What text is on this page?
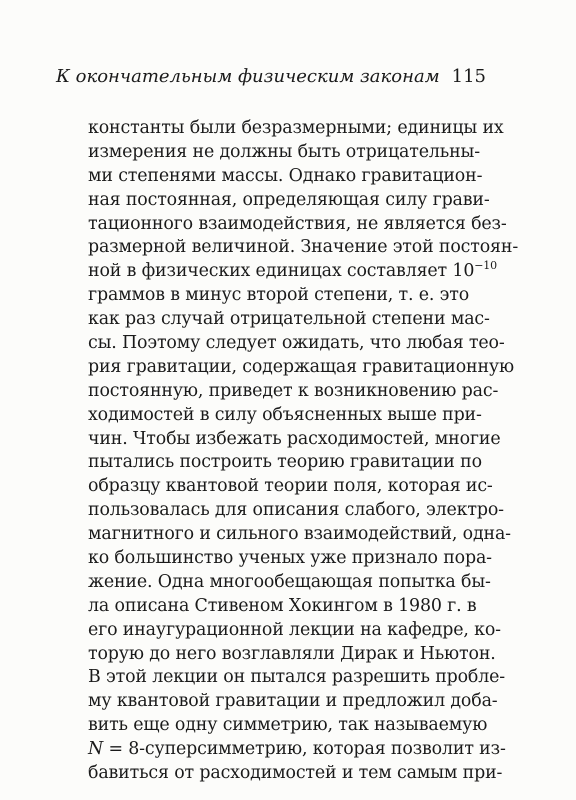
К окончательным физическим законам 115
константы были безразмерными; единицы их
измерения не должны быть отрицательны-
ми степенями массы. Однако гравитацион-
ная постоянная, определяющая силу грави-
тационного взаимодействия, не является без-
размерной величиной. Значение этой постоян-
ной в физических единицах составляет $10^{-10}$
граммов в минус второй степени, т. е. это
как раз случай отрицательной степени мас-
сы. Поэтому следует ожидать, что любая тео-
рия гравитации, содержащая гравитационную
постоянную, приведет к возникновению рас-
ходимостей в силу объясненных выше при-
чин. Чтобы избежать расходимостей, многие
пытались построить теорию гравитации по
образцу квантовой теории поля, которая ис-
пользовалась для описания слабого, электро-
магнитного и сильного взаимодействий, одна-
ко большинство ученых уже признало пора-
жение. Одна многообещающая попытка бы-
ла описана Стивеном Хокингом в 1980 г. в
его инаугурационной лекции на кафедре, ко-
торую до него возглавляли Дирак и Ньютон.
В этой лекции он пытался разрешить пробле-
му квантовой гравитации и предложил доба-
вить еще одну симметрию, так называемую
N = 8-суперсимметрию, которая позволит из-
бавиться от расходимостей и тем самым при-
